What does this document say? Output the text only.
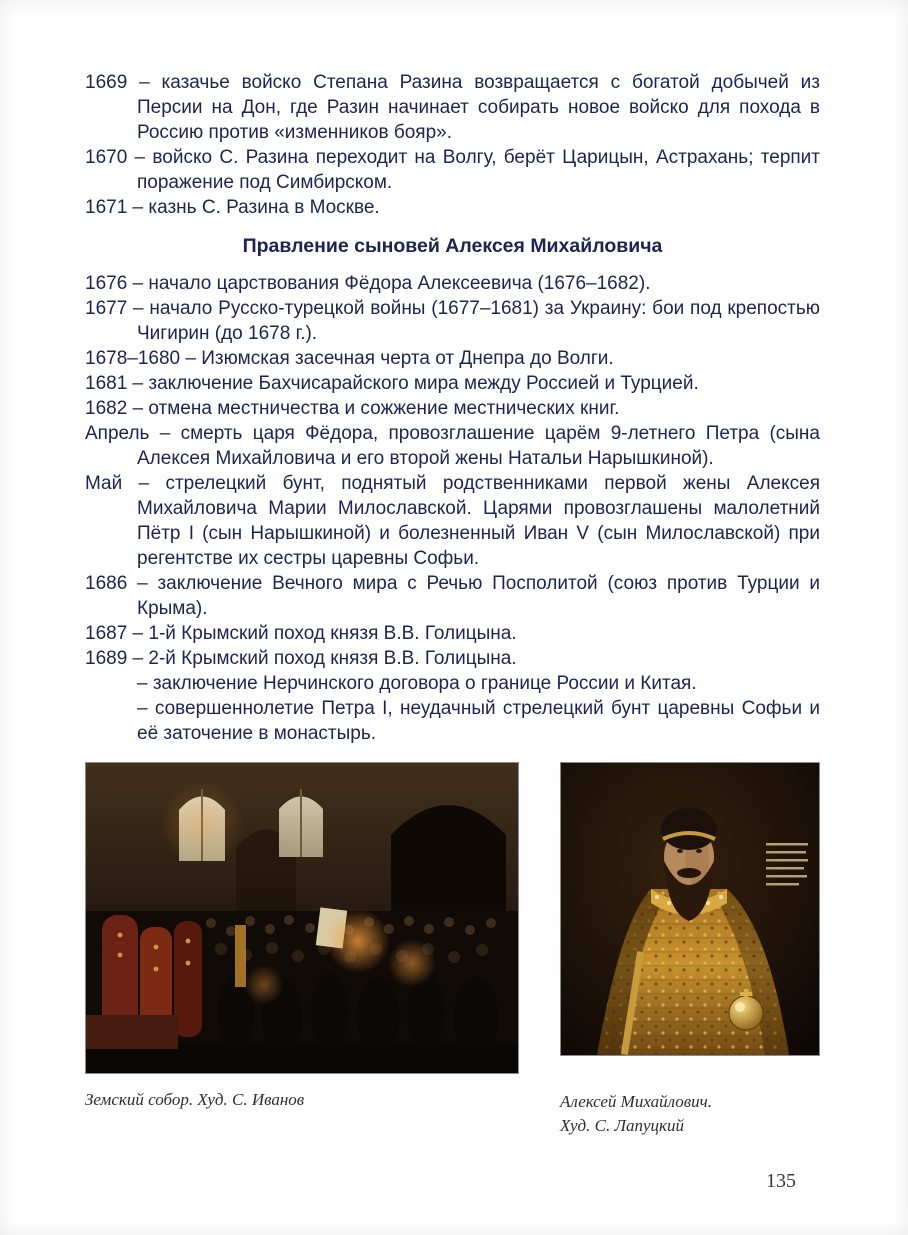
1669 – казачье войско Степана Разина возвращается с богатой добычей из Персии на Дон, где Разин начинает собирать новое войско для похода в Россию против «изменников бояр».

1670 – войско С. Разина переходит на Волгу, берёт Царицын, Астрахань; терпит поражение под Симбирском.

1671 – казнь С. Разина в Москве.

Правление сыновей Алексея Михайловича

1676 – начало царствования Фёдора Алексеевича (1676–1682).

1677 – начало Русско-турецкой войны (1677–1681) за Украину: бои под крепостью Чигирин (до 1678 г.).

1678–1680 – Изюмская засечная черта от Днепра до Волги.

1681 – заключение Бахчисарайского мира между Россией и Турцией.

1682 – отмена местничества и сожжение местнических книг.

Апрель – смерть царя Фёдора, провозглашение царём 9-летнего Петра (сына Алексея Михайловича и его второй жены Натальи Нарышкиной).

Май – стрелецкий бунт, поднятый родственниками первой жены Алексея Михайловича Марии Милославской. Царями провозглашены малолетний Пётр I (сын Нарышкиной) и болезненный Иван V (сын Милославской) при регентстве их сестры царевны Софьи.

1686 – заключение Вечного мира с Речью Посполитой (союз против Турции и Крыма).

1687 – 1-й Крымский поход князя В.В. Голицына.

1689 – 2-й Крымский поход князя В.В. Голицына.

– заключение Нерчинского договора о границе России и Китая.

– совершеннолетие Петра I, неудачный стрелецкий бунт царевны Софьи и её заточение в монастырь.

Земский собор. Худ. С. Иванов	Алексей Михайлович.
Худ. С. Лапуцкий
135
